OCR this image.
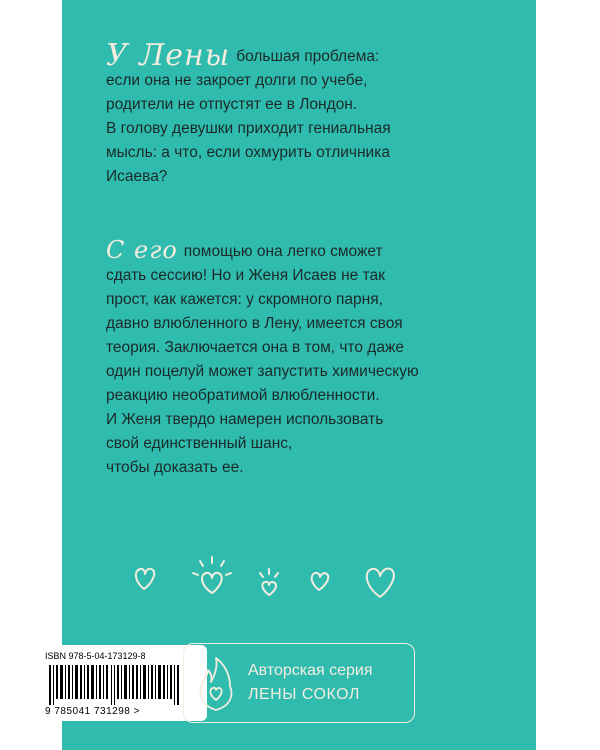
У Лены большая проблема:
если она не закроет долги по учебе,
родители не отпустят ее в Лондон.
В голову девушки приходит гениальная
мысль: а что, если охмурить отличника
Исаева?
С его помощью она легко сможет
сдать сессию! Но и Женя Исаев не так
прост, как кажется: у скромного парня,
давно влюбленного в Лену, имеется своя
теория. Заключается она в том, что даже
один поцелуй может запустить химическую
реакцию необратимой влюбленности.
И Женя твердо намерен использовать
свой единственный шанс,
чтобы доказать ее.
ISBN 978-5-04-173129-8
9 785041 731298 >
Авторская серия
ЛЕНЫ СОКОЛ
